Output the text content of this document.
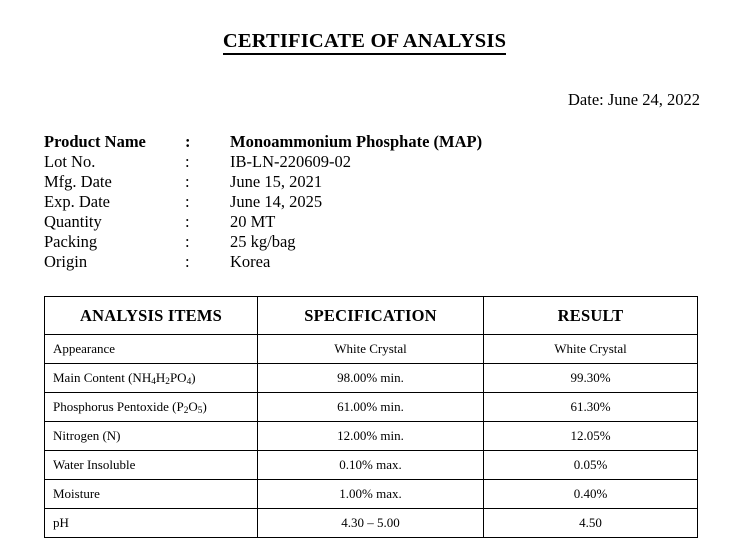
CERTIFICATE OF ANALYSIS
Date: June 24, 2022
Product Name	:	Monoammonium Phosphate (MAP)
Lot No.	:	IB-LN-220609-02
Mfg. Date	:	June 15, 2021
Exp. Date	:	June 14, 2025
Quantity	:	20 MT
Packing	:	25 kg/bag
Origin	:	Korea
ANALYSIS ITEMS	SPECIFICATION	RESULT
Appearance	White Crystal	White Crystal
Main Content $(NH_4H_2PO_4)$	98.00% min.	99.30%
Phosphorus Pentoxide $(P_2O_5)$	61.00% min.	61.30%
Nitrogen (N)	12.00% min.	12.05%
Water Insoluble	0.10% max.	0.05%
Moisture	1.00% max.	0.40%
pH	4.30 – 5.00	4.50
